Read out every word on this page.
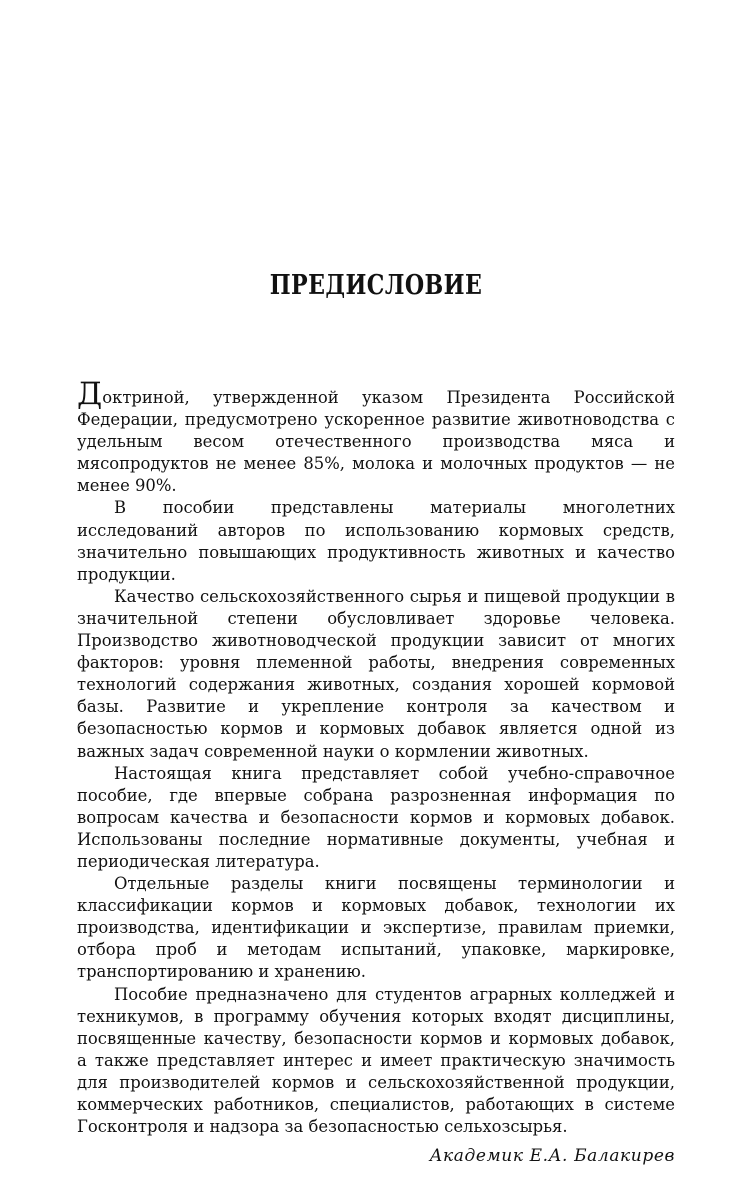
ПРЕДИСЛОВИЕ

Доктриной, утвержденной указом Президента Российской Федерации, предусмотрено ускоренное развитие животноводства с удельным весом отечественного производства мяса и мясопродуктов не менее 85%, молока и молочных продуктов — не менее 90%.

В пособии представлены материалы многолетних исследований авторов по использованию кормовых средств, значительно повышающих продуктивность животных и качество продукции.

Качество сельскохозяйственного сырья и пищевой продукции в значительной степени обусловливает здоровье человека. Производство животноводческой продукции зависит от многих факторов: уровня племенной работы, внедрения современных технологий содержания животных, создания хорошей кормовой базы. Развитие и укрепление контроля за качеством и безопасностью кормов и кормовых добавок является одной из важных задач современной науки о кормлении животных.

Настоящая книга представляет собой учебно-справочное пособие, где впервые собрана разрозненная информация по вопросам качества и безопасности кормов и кормовых добавок. Использованы последние нормативные документы, учебная и периодическая литература.

Отдельные разделы книги посвящены терминологии и классификации кормов и кормовых добавок, технологии их производства, идентификации и экспертизе, правилам приемки, отбора проб и методам испытаний, упаковке, маркировке, транспортированию и хранению.

Пособие предназначено для студентов аграрных колледжей и техникумов, в программу обучения которых входят дисциплины, посвященные качеству, безопасности кормов и кормовых добавок, а также представляет интерес и имеет практическую значимость для производителей кормов и сельскохозяйственной продукции, коммерческих работников, специалистов, работающих в системе Госконтроля и надзора за безопасностью сельхозсырья.

Академик Е.А. Балакирев
